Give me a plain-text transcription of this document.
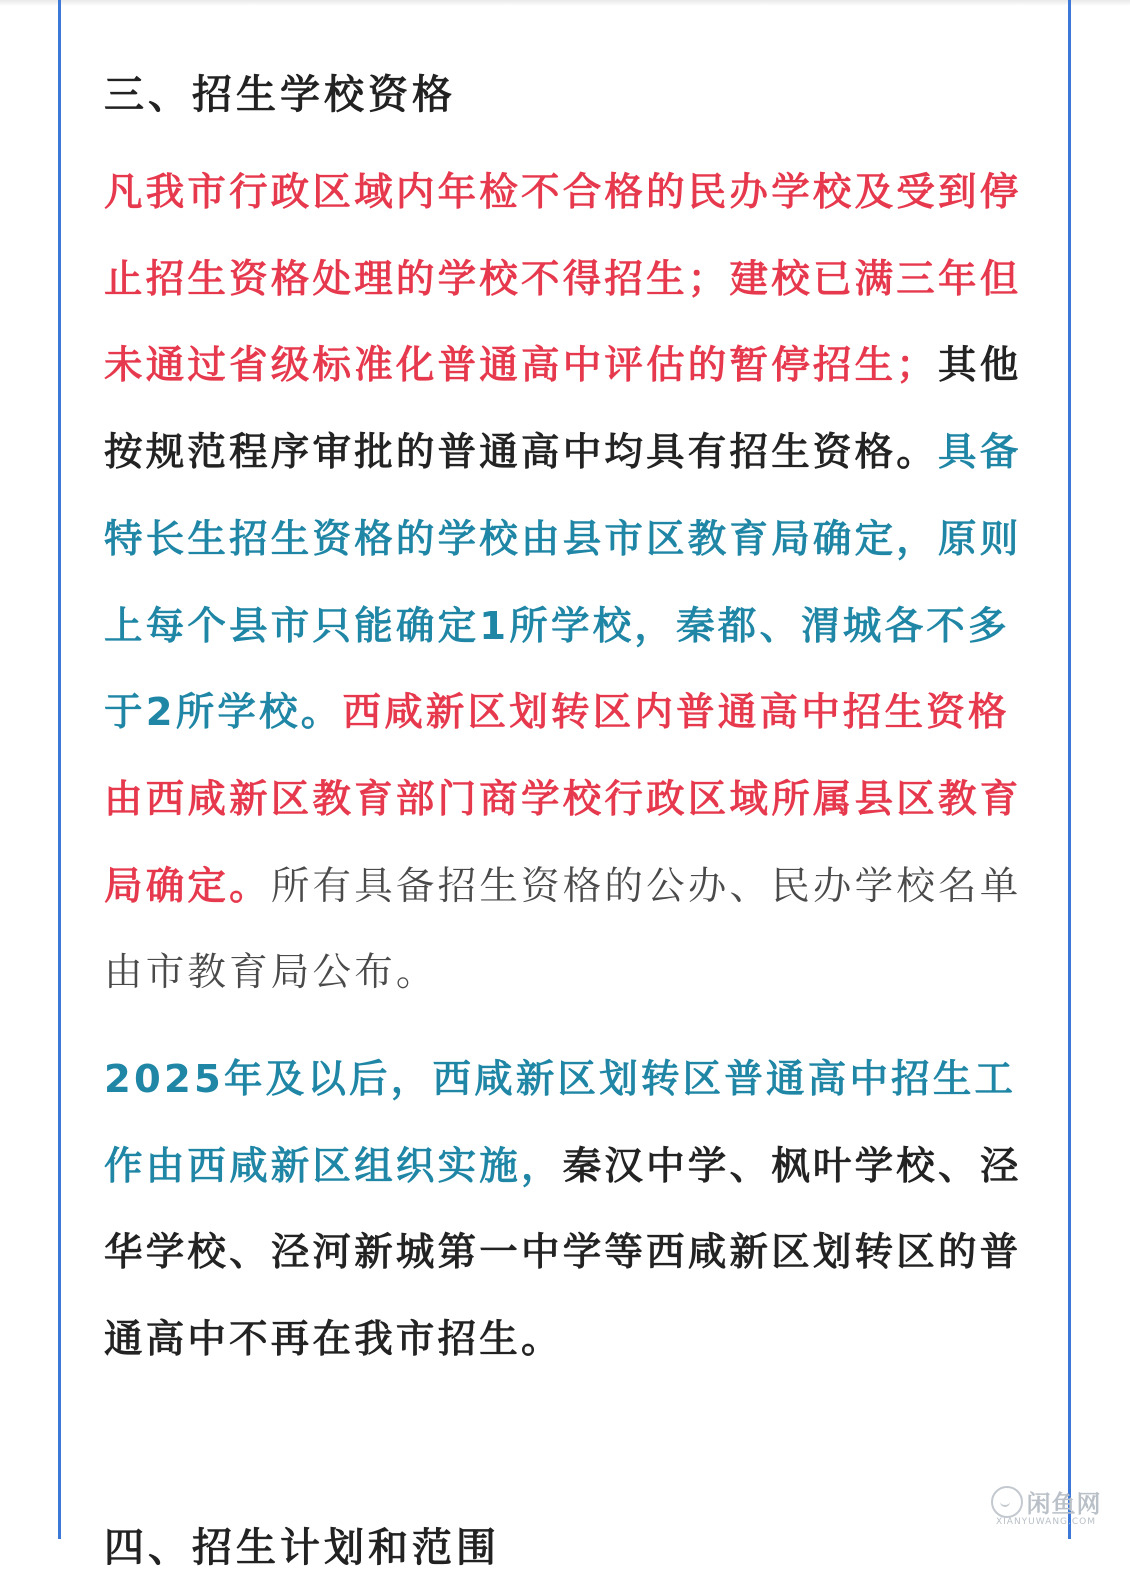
三、招生学校资格

凡我市行政区域内年检不合格的民办学校及受到停止招生资格处理的学校不得招生；建校已满三年但未通过省级标准化普通高中评估的暂停招生；其他按规范程序审批的普通高中均具有招生资格。具备特长生招生资格的学校由县市区教育局确定，原则上每个县市只能确定1所学校，秦都、渭城各不多于2所学校。西咸新区划转区内普通高中招生资格由西咸新区教育部门商学校行政区域所属县区教育局确定。所有具备招生资格的公办、民办学校名单由市教育局公布。

2025年及以后，西咸新区划转区普通高中招生工作由西咸新区组织实施，秦汉中学、枫叶学校、泾华学校、泾河新城第一中学等西咸新区划转区的普通高中不再在我市招生。

四、招生计划和范围
闲鱼网
XIANYUWANG.COM
